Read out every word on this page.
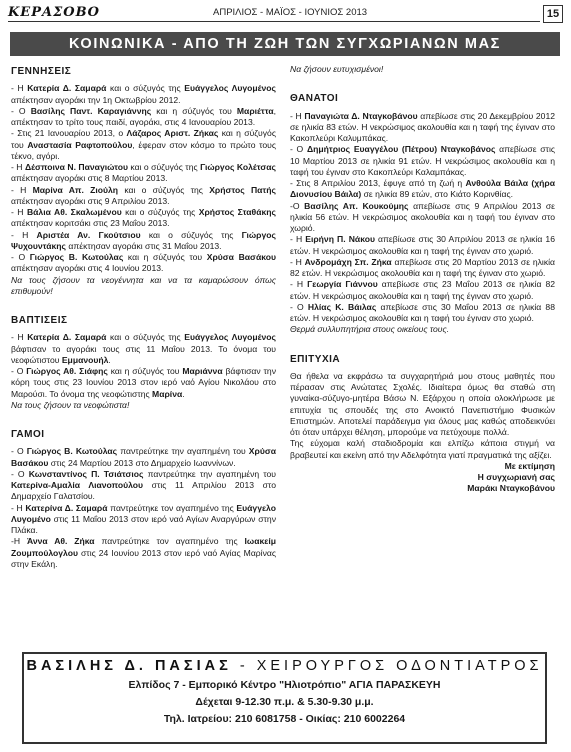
ΚΕΡΑΣΟΒΟ	ΑΠΡΙΛΙΟΣ - ΜΑΪΟΣ - ΙΟΥΝΙΟΣ 2013	15
ΚΟΙΝΩΝΙΚΑ - ΑΠΟ ΤΗ ΖΩΗ ΤΩΝ ΣΥΓΧΩΡΙΑΝΩΝ ΜΑΣ
ΓΕΝΝΗΣΕΙΣ
- Η Κατερία Δ. Σαμαρά και ο σύζυγός της Ευάγγελος Λυγομένος απέκτησαν αγοράκι την 1η Οκτωβρίου 2012.
- Ο Βασίλης Παντ. Καραγιάννης και η σύζυγός του Μαριέττα, απέκτησαν το τρίτο τους παιδί, αγοράκι, στις 4 Ιανουαρίου 2013.
- Στις 21 Ιανουαρίου 2013, ο Λάζαρος Αριστ. Ζήκας και η σύζυγός του Αναστασία Ραφτοπούλου, έφεραν στον κόσμο το πρώτο τους τέκνο, αγόρι.
- Η Δέσποινα Ν. Παναγιώτου και ο σύζυγός της Γιώργος Κολέτσας απέκτησαν αγοράκι στις 8 Μαρτίου 2013.
- Η Μαρίνα Απ. Ζιούλη και ο σύζυγός της Χρήστος Πατής απέκτησαν αγοράκι στις 9 Απριλίου 2013.
- Η Βάλια Αθ. Σκαλωμένου και ο σύζυγός της Χρήστος Σταθάκης απέκτησαν κοριτσάκι στις 23 Μαΐου 2013.
- Η Αριστέα Αν. Γκούτσιου και ο σύζυγός της Γιώργος Ψυχουντάκης απέκτησαν αγοράκι στις 31 Μαΐου 2013.
- Ο Γιώργος Β. Κωτούλας και η σύζυγός του Χρύσα Βασάκου απέκτησαν αγοράκι στις 4 Ιουνίου 2013.
Να τους ζήσουν τα νεογέννητα και να τα καμαρώσουν όπως επιθυμούν!
ΒΑΠΤΙΣΕΙΣ
- Η Κατερία Δ. Σαμαρά και ο σύζυγός της Ευάγγελος Λυγομένος βάφτισαν το αγοράκι τους στις 11 Μαΐου 2013. Το όνομα του νεοφώτιστου Εμμανουήλ.
- Ο Γιώργος Αθ. Σιάφης και η σύζυγός του Μαριάννα βάφτισαν την κόρη τους στις 23 Ιουνίου 2013 στον ιερό ναό Αγίου Νικολάου στο Μαρούσι. Το όνομα της νεοφώτιστης Μαρίνα.
Να τους ζήσουν τα νεοφώτιστα!
ΓΑΜΟΙ
- Ο Γιώργος Β. Κωτούλας παντρεύτηκε την αγαπημένη του Χρύσα Βασάκου στις 24 Μαρτίου 2013 στο Δημαρχείο Ιωαννίνων.
- Ο Κωνσταντίνος Π. Τσιάτσιος παντρεύτηκε την αγαπημένη του Κατερίνα-Αμαλία Λιανοπούλου στις 11 Απριλίου 2013 στο Δημαρχείο Γαλατσίου.
- Η Κατερίνα Δ. Σαμαρά παντρεύτηκε τον αγαπημένο της Ευάγγελο Λυγομένο στις 11 Μαΐου 2013 στον ιερό ναό Αγίων Αναργύρων στην Πλάκα.
-Η Άννα Αθ. Ζήκα παντρεύτηκε τον αγαπημένο της Ιωακείμ Ζουμπούλογλου στις 24 Ιουνίου 2013 στον ιερό ναό Αγίας Μαρίνας στην Εκάλη.
Να ζήσουν ευτυχισμένοι!
ΘΑΝΑΤΟΙ
- Η Παναγιώτα Δ. Νταγκοβάνου απεβίωσε στις 20 Δεκεμβρίου 2012 σε ηλικία 83 ετών. Η νεκρώσιμος ακολουθία και η ταφή της έγιναν στο Κακοπλεύρι Καλυμπάκας.
- Ο Δημήτριος Ευαγγέλου (Πέτρου) Νταγκοβάνος απεβίωσε στις 10 Μαρτίου 2013 σε ηλικία 91 ετών. Η νεκρώσιμος ακολουθία και η ταφή του έγιναν στο Κακοπλεύρι Καλαμπάκας.
- Στις 8 Απριλίου 2013, έφυγε από τη ζωή η Ανθούλα Βάιλα (χήρα Διονυσίου Βάιλα) σε ηλικία 89 ετών, στο Κιάτο Κορινθίας.
-Ο Βασίλης Απ. Κουκούμης απεβίωσε στις 9 Απριλίου 2013 σε ηλικία 56 ετών. Η νεκρώσιμος ακολουθία και η ταφή του έγιναν στο χωριό.
- Η Ειρήνη Π. Νάκου απεβίωσε στις 30 Απριλίου 2013 σε ηλικία 16 ετών. Η νεκρώσιμος ακολουθία και η ταφή της έγιναν στο χωριό.
- Η Ανδρομάχη Σπ. Ζήκα απεβίωσε στις 20 Μαρτίου 2013 σε ηλικία 82 ετών. Η νεκρώσιμος ακολουθία και η ταφή της έγιναν στο χωριό.
- Η Γεωργία Γιάννου απεβίωσε στις 23 Μαΐου 2013 σε ηλικία 82 ετών. Η νεκρώσιμος ακολουθία και η ταφή της έγιναν στο χωριό.
- Ο Ηλίας Κ. Βάιλας απεβίωσε στις 30 Μαΐου 2013 σε ηλικία 88 ετών. Η νεκρώσιμος ακολουθία και η ταφή του έγιναν στο χωριό.
Θερμά συλλυπητήρια στους οικείους τους.
ΕΠΙΤΥΧΙΑ
Θα ήθελα να εκφράσω τα συγχαρητήριά μου στους μαθητές που πέρασαν στις Ανώτατες Σχολές. Ιδιαίτερα όμως θα σταθώ στη γυναίκα-σύζυγο-μητέρα Βάσω Ν. Εξάρχου η οποία ολοκλήρωσε με επιτυχία τις σπουδές της στο Ανοικτό Πανεπιστήμιο Φυσικών Επιστημών. Αποτελεί παράδειγμα για όλους μας καθώς αποδεικνύει ότι όταν υπάρχει θέληση, μπορούμε να πετύχουμε πολλά.
Της εύχομαι καλή σταδιοδρομία και ελπίζω κάποια στιγμή να βραβευτεί και εκείνη από την Αδελφότητα γιατί πραγματικά της αξίζει.
Με εκτίμηση
Η συγχωριανή σας
Μαράκι Νταγκοβάνου
ΒΑΣΙΛΗΣ Δ. ΠΑΣΙΑΣ - ΧΕΙΡΟΥΡΓΟΣ ΟΔΟΝΤΙΑΤΡΟΣ
Ελπίδος 7 - Εμπορικό Κέντρο "Ηλιοτρόπιο" ΑΓΙΑ ΠΑΡΑΣΚΕΥΗ
Δέχεται 9-12.30 π.μ. & 5.30-9.30 μ.μ.
Τηλ. Ιατρείου: 210 6081758 - Οικίας: 210 6002264
